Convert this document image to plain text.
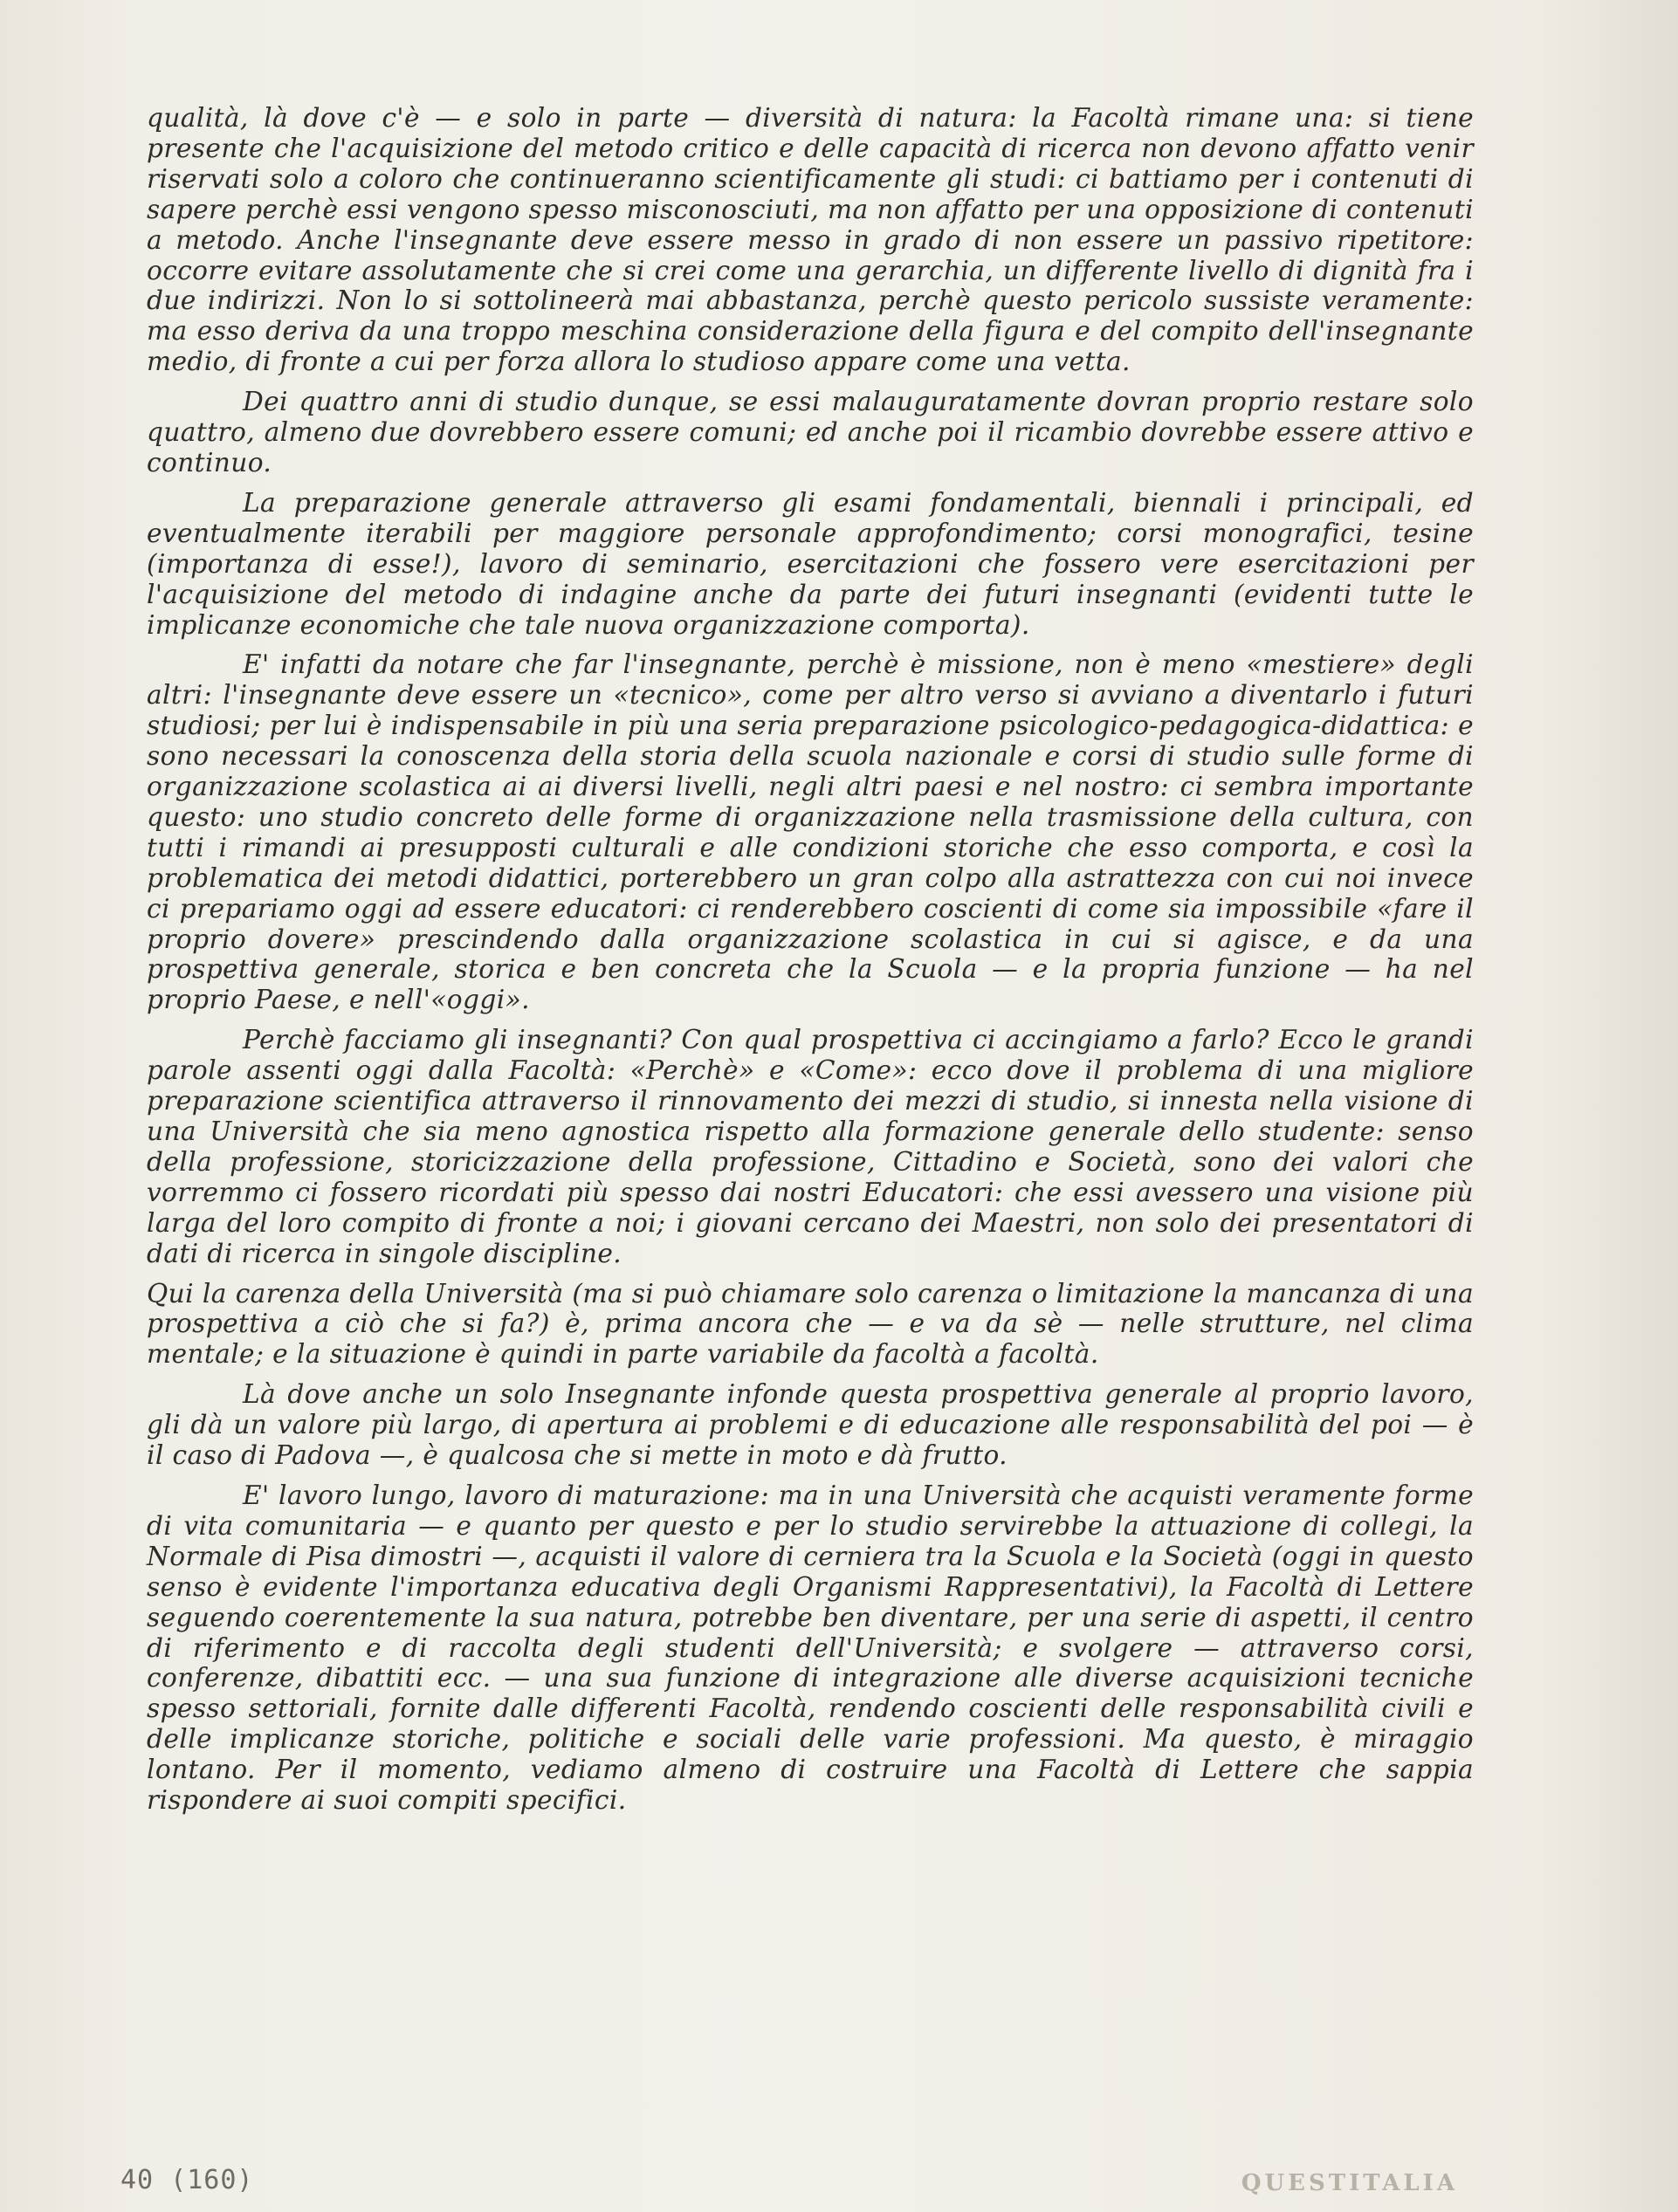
qualità, là dove c'è — e solo in parte — diversità di natura: la Facoltà rimane una: si tiene presente che l'acquisizione del metodo critico e delle capacità di ricerca non devono affatto venir riservati solo a coloro che continueranno scientificamente gli studi: ci battiamo per i contenuti di sapere perchè essi vengono spesso misconosciuti, ma non affatto per una opposizione di contenuti a metodo. Anche l'insegnante deve essere messo in grado di non essere un passivo ripetitore: occorre evitare assolutamente che si crei come una gerarchia, un differente livello di dignità fra i due indirizzi. Non lo si sottolineerà mai abbastanza, perchè questo pericolo sussiste veramente: ma esso deriva da una troppo meschina considerazione della figura e del compito dell'insegnante medio, di fronte a cui per forza allora lo studioso appare come una vetta.

Dei quattro anni di studio dunque, se essi malauguratamente dovran proprio restare solo quattro, almeno due dovrebbero essere comuni; ed anche poi il ricambio dovrebbe essere attivo e continuo.

La preparazione generale attraverso gli esami fondamentali, biennali i principali, ed eventualmente iterabili per maggiore personale approfondimento; corsi monografici, tesine (importanza di esse!), lavoro di seminario, esercitazioni che fossero vere esercitazioni per l'acquisizione del metodo di indagine anche da parte dei futuri insegnanti (evidenti tutte le implicanze economiche che tale nuova organizzazione comporta).

E' infatti da notare che far l'insegnante, perchè è missione, non è meno «mestiere» degli altri: l'insegnante deve essere un «tecnico», come per altro verso si avviano a diventarlo i futuri studiosi; per lui è indispensabile in più una seria preparazione psicologico-pedagogica-didattica: e sono necessari la conoscenza della storia della scuola nazionale e corsi di studio sulle forme di organizzazione scolastica ai ai diversi livelli, negli altri paesi e nel nostro: ci sembra importante questo: uno studio concreto delle forme di organizzazione nella trasmissione della cultura, con tutti i rimandi ai presupposti culturali e alle condizioni storiche che esso comporta, e così la problematica dei metodi didattici, porterebbero un gran colpo alla astrattezza con cui noi invece ci prepariamo oggi ad essere educatori: ci renderebbero coscienti di come sia impossibile «fare il proprio dovere» prescindendo dalla organizzazione scolastica in cui si agisce, e da una prospettiva generale, storica e ben concreta che la Scuola — e la propria funzione — ha nel proprio Paese, e nell'«oggi».

Perchè facciamo gli insegnanti? Con qual prospettiva ci accingiamo a farlo? Ecco le grandi parole assenti oggi dalla Facoltà: «Perchè» e «Come»: ecco dove il problema di una migliore preparazione scientifica attraverso il rinnovamento dei mezzi di studio, si innesta nella visione di una Università che sia meno agnostica rispetto alla formazione generale dello studente: senso della professione, storicizzazione della professione, Cittadino e Società, sono dei valori che vorremmo ci fossero ricordati più spesso dai nostri Educatori: che essi avessero una visione più larga del loro compito di fronte a noi; i giovani cercano dei Maestri, non solo dei presentatori di dati di ricerca in singole discipline.

Qui la carenza della Università (ma si può chiamare solo carenza o limitazione la mancanza di una prospettiva a ciò che si fa?) è, prima ancora che — e va da sè — nelle strutture, nel clima mentale; e la situazione è quindi in parte variabile da facoltà a facoltà.

Là dove anche un solo Insegnante infonde questa prospettiva generale al proprio lavoro, gli dà un valore più largo, di apertura ai problemi e di educazione alle responsabilità del poi — è il caso di Padova —, è qualcosa che si mette in moto e dà frutto.

E' lavoro lungo, lavoro di maturazione: ma in una Università che acquisti veramente forme di vita comunitaria — e quanto per questo e per lo studio servirebbe la attuazione di collegi, la Normale di Pisa dimostri —, acquisti il valore di cerniera tra la Scuola e la Società (oggi in questo senso è evidente l'importanza educativa degli Organismi Rappresentativi), la Facoltà di Lettere seguendo coerentemente la sua natura, potrebbe ben diventare, per una serie di aspetti, il centro di riferimento e di raccolta degli studenti dell'Università; e svolgere — attraverso corsi, conferenze, dibattiti ecc. — una sua funzione di integrazione alle diverse acquisizioni tecniche spesso settoriali, fornite dalle differenti Facoltà, rendendo coscienti delle responsabilità civili e delle implicanze storiche, politiche e sociali delle varie professioni. Ma questo, è miraggio lontano. Per il momento, vediamo almeno di costruire una Facoltà di Lettere che sappia rispondere ai suoi compiti specifici.

40 (160)	QUESTITALIA
